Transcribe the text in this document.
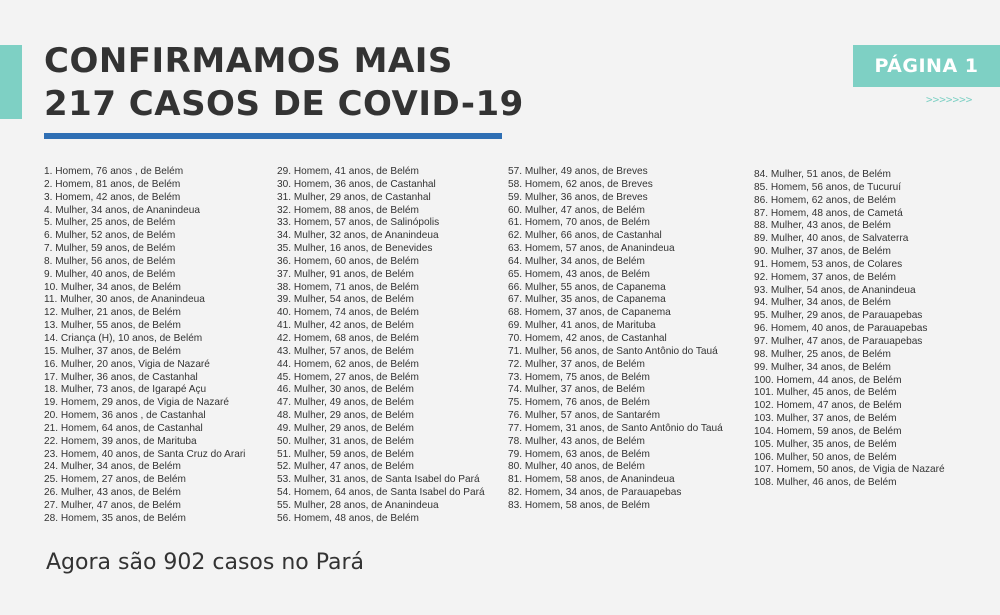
CONFIRMAMOS MAIS
217 CASOS DE COVID-19
PÁGINA 1
>>>>>>>
1. Homem, 76 anos , de Belém
2. Homem, 81 anos, de Belém
3. Homem, 42 anos, de Belém
4. Mulher, 34 anos, de Ananindeua
5. Mulher, 25 anos, de Belém
6. Mulher, 52 anos, de Belém
7. Mulher, 59 anos, de Belém
8. Mulher, 56 anos, de Belém
9. Mulher, 40 anos, de Belém
10. Mulher, 34 anos, de Belém
11. Mulher, 30 anos, de Ananindeua
12. Mulher, 21 anos, de Belém
13. Mulher, 55 anos, de Belém
14. Criança (H), 10 anos, de Belém
15. Mulher, 37 anos, de Belém
16. Mulher, 20 anos, Vigia de Nazaré
17. Mulher, 36 anos, de Castanhal
18. Mulher, 73 anos, de Igarapé Açu
19. Homem, 29 anos, de Vigia de Nazaré
20. Homem, 36 anos , de Castanhal
21. Homem, 64 anos, de Castanhal
22. Homem, 39 anos, de Marituba
23. Homem, 40 anos, de Santa Cruz do Arari
24. Mulher, 34 anos, de Belém
25. Homem, 27 anos, de Belém
26. Mulher, 43 anos, de Belém
27. Mulher, 47 anos, de Belém
28. Homem, 35 anos, de Belém
29. Homem, 41 anos, de Belém
30. Homem, 36 anos, de Castanhal
31. Mulher, 29 anos, de Castanhal
32. Homem, 88 anos, de Belém
33. Homem, 57 anos, de Salinópolis
34. Mulher, 32 anos, de Ananindeua
35. Mulher, 16 anos, de Benevides
36. Homem, 60 anos, de Belém
37. Mulher, 91 anos, de Belém
38. Homem, 71 anos, de Belém
39. Mulher, 54 anos, de Belém
40. Homem, 74 anos, de Belém
41. Mulher, 42 anos, de Belém
42. Homem, 68 anos, de Belém
43. Mulher, 57 anos, de Belém
44. Homem, 62 anos, de Belém
45. Homem, 27 anos, de Belém
46. Mulher, 30 anos, de Belém
47. Mulher, 49 anos, de Belém
48. Mulher, 29 anos, de Belém
49. Mulher, 29 anos, de Belém
50. Mulher, 31 anos, de Belém
51. Mulher, 59 anos, de Belém
52. Mulher, 47 anos, de Belém
53. Mulher, 31 anos, de Santa Isabel do Pará
54. Homem, 64 anos, de Santa Isabel do Pará
55. Mulher, 28 anos, de Ananindeua
56. Homem, 48 anos, de Belém
57. Mulher, 49 anos, de Breves
58. Homem, 62 anos, de Breves
59. Mulher, 36 anos, de Breves
60. Mulher, 47 anos, de Belém
61. Homem, 70 anos, de Belém
62. Mulher, 66 anos, de Castanhal
63. Homem, 57 anos, de Ananindeua
64. Mulher, 34 anos, de Belém
65. Homem, 43 anos, de Belém
66. Mulher, 55 anos, de Capanema
67. Mulher, 35 anos, de Capanema
68. Homem, 37 anos, de Capanema
69. Mulher, 41 anos, de Marituba
70. Homem, 42 anos, de Castanhal
71. Mulher, 56 anos, de Santo Antônio do Tauá
72. Mulher, 37 anos, de Belém
73. Homem, 75 anos, de Belém
74. Mulher, 37 anos, de Belém
75. Homem, 76 anos, de Belém
76. Mulher, 57 anos, de Santarém
77. Homem, 31 anos, de Santo Antônio do Tauá
78. Mulher, 43 anos, de Belém
79. Homem, 63 anos, de Belém
80. Mulher, 40 anos, de Belém
81. Homem, 58 anos, de Ananindeua
82. Homem, 34 anos, de Parauapebas
83. Homem, 58 anos, de Belém
84. Mulher, 51 anos, de Belém
85. Homem, 56 anos, de Tucuruí
86. Homem, 62 anos, de Belém
87. Homem, 48 anos, de Cametá
88. Mulher, 43 anos, de Belém
89. Mulher, 40 anos, de Salvaterra
90. Mulher, 37 anos, de Belém
91. Homem, 53 anos, de Colares
92. Homem, 37 anos, de Belém
93. Mulher, 54 anos, de Ananindeua
94. Mulher, 34 anos, de Belém
95. Mulher, 29 anos, de Parauapebas
96. Homem, 40 anos, de Parauapebas
97. Mulher, 47 anos, de Parauapebas
98. Mulher, 25 anos, de Belém
99. Mulher, 34 anos, de Belém
100. Homem, 44 anos, de Belém
101. Mulher, 45 anos, de Belém
102. Homem, 47 anos, de Belém
103. Mulher, 37 anos, de Belém
104. Homem, 59 anos, de Belém
105. Mulher, 35 anos, de Belém
106. Mulher, 50 anos, de Belém
107. Homem, 50 anos, de Vigia de Nazaré
108. Mulher, 46 anos, de Belém
Agora são 902 casos no Pará
